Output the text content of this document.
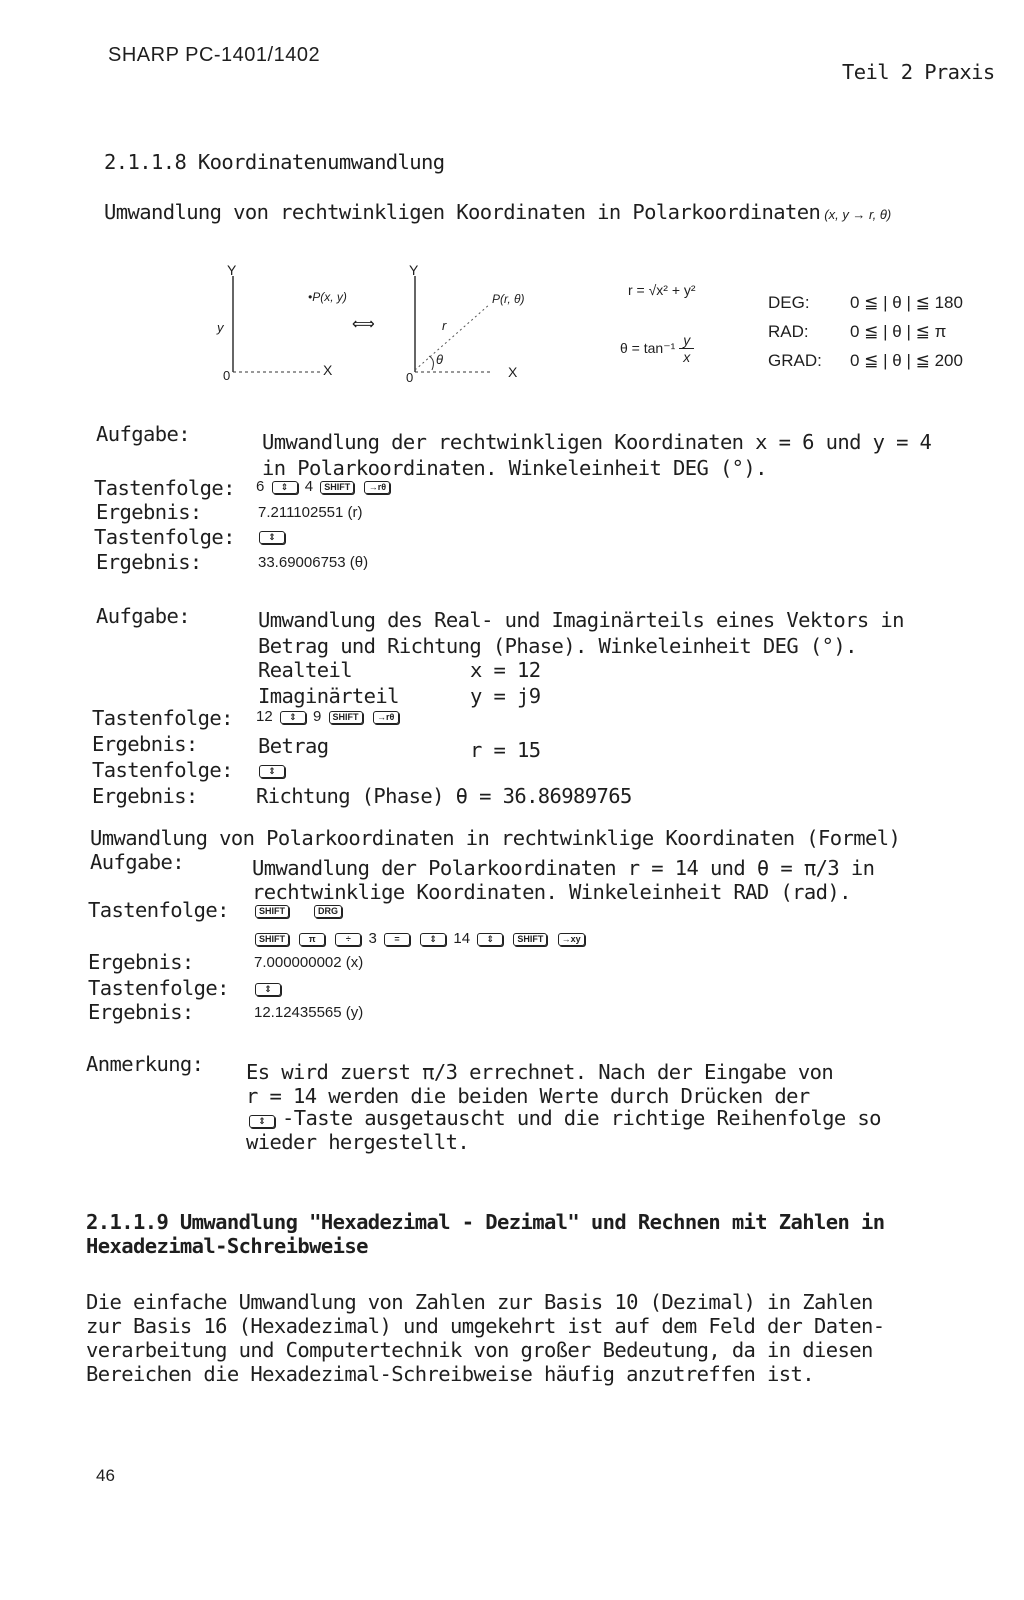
SHARP PC-1401/1402
Teil 2 Praxis
2.1.1.8 Koordinatenumwandlung
Umwandlung von rechtwinkligen Koordinaten in Polarkoordinaten (x, y → r, θ)
Y
•P(x, y)
y
0	X
⟺
Y
P(r, θ)
r
θ
0	X
r = √x² + y²
$\theta = \tan^{-1} \frac{y}{x}$
DEG:	0 ≦ | θ | ≦ 180
RAD:	0 ≦ | θ | ≦ π
GRAD:	0 ≦ | θ | ≦ 200
Aufgabe:	Umwandlung der rechtwinkligen Koordinaten x = 6 und y = 4
in Polarkoordinaten. Winkeleinheit DEG (°).
Tastenfolge: 6 ⇕ 4 SHIFT →rθ
Ergebnis:	7.211102551 (r)
Tastenfolge:	⇕
Ergebnis:	33.69006753 (θ)
Aufgabe:	Umwandlung des Real- und Imaginärteils eines Vektors in
Betrag und Richtung (Phase). Winkeleinheit DEG (°).
Realteil	x = 12
Imaginärteil	y = j9
Tastenfolge: 12 ⇕ 9 SHIFT →rθ
Ergebnis:	Betrag	r = 15
Tastenfolge:	⇕
Ergebnis:	Richtung (Phase) θ = 36.86989765
Umwandlung von Polarkoordinaten in rechtwinklige Koordinaten (Formel)
Aufgabe:	Umwandlung der Polarkoordinaten r = 14 und θ = π/3 in
rechtwinklige Koordinaten. Winkeleinheit RAD (rad).
Tastenfolge:	SHIFT	DRG
SHIFT	π	÷ 3 =	⇕ 14 ⇕	SHIFT →xy
Ergebnis:	7.000000002 (x)
Tastenfolge:	⇕
Ergebnis:	12.12435565 (y)
Anmerkung: Es wird zuerst π/3 errechnet. Nach der Eingabe von
r = 14 werden die beiden Werte durch Drücken der
⇕ -Taste ausgetauscht und die richtige Reihenfolge so
wieder hergestellt.
2.1.1.9 Umwandlung "Hexadezimal - Dezimal" und Rechnen mit Zahlen in
Hexadezimal-Schreibweise
Die einfache Umwandlung von Zahlen zur Basis 10 (Dezimal) in Zahlen
zur Basis 16 (Hexadezimal) und umgekehrt ist auf dem Feld der Daten-
verarbeitung und Computertechnik von großer Bedeutung, da in diesen
Bereichen die Hexadezimal-Schreibweise häufig anzutreffen ist.
46
